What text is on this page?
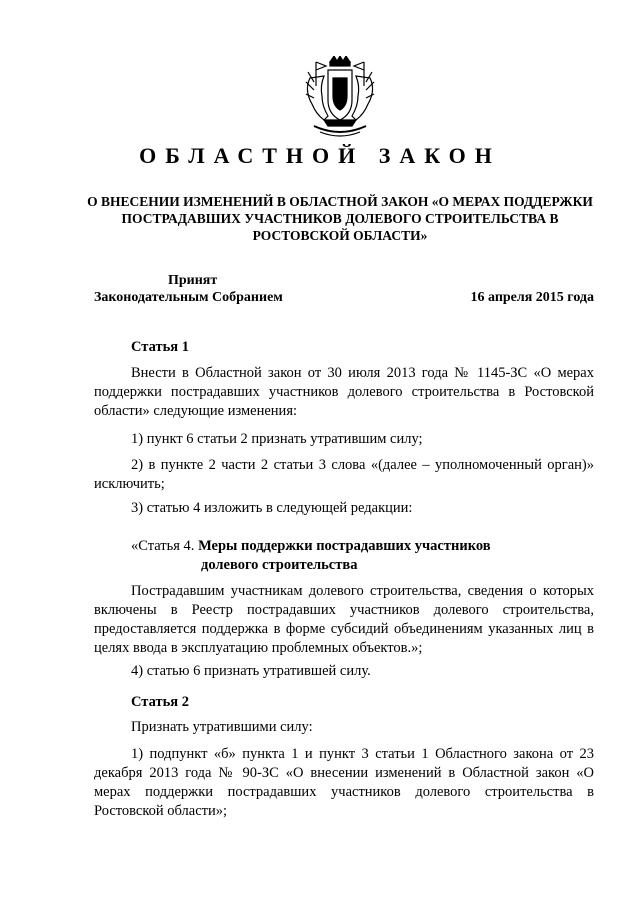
ОБЛАСТНОЙ ЗАКОН

О ВНЕСЕНИИ ИЗМЕНЕНИЙ В ОБЛАСТНОЙ ЗАКОН «О МЕРАХ ПОДДЕРЖКИ ПОСТРАДАВШИХ УЧАСТНИКОВ ДОЛЕВОГО СТРОИТЕЛЬСТВА В РОСТОВСКОЙ ОБЛАСТИ»

Принят

Законодательным Собранием	16 апреля 2015 года

Статья 1

Внести в Областной закон от 30 июля 2013 года № 1145-ЗС «О мерах поддержки пострадавших участников долевого строительства в Ростовской области» следующие изменения:

1) пункт 6 статьи 2 признать утратившим силу;

2) в пункте 2 части 2 статьи 3 слова «(далее – уполномоченный орган)» исключить;

3) статью 4 изложить в следующей редакции:

«Статья 4. Меры поддержки пострадавших участников
долевого строительства

Пострадавшим участникам долевого строительства, сведения о которых включены в Реестр пострадавших участников долевого строительства, предоставляется поддержка в форме субсидий объединениям указанных лиц в целях ввода в эксплуатацию проблемных объектов.»;

4) статью 6 признать утратившей силу.

Статья 2

Признать утратившими силу:

1) подпункт «б» пункта 1 и пункт 3 статьи 1 Областного закона от 23 декабря 2013 года № 90-ЗС «О внесении изменений в Областной закон «О мерах поддержки пострадавших участников долевого строительства в Ростовской области»;
